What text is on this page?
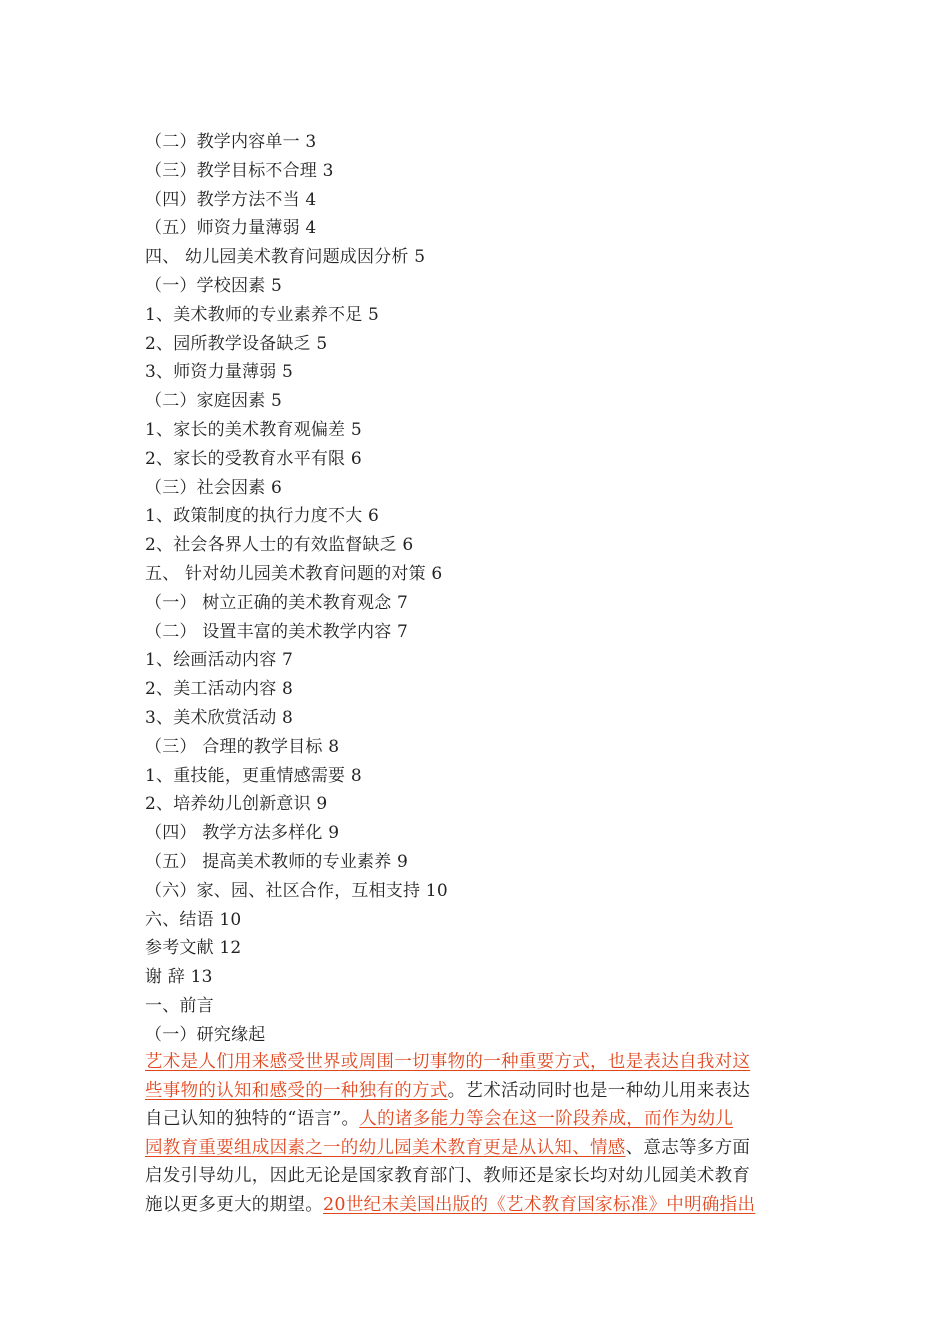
（二）教学内容单一 3
（三）教学目标不合理 3
（四）教学方法不当 4
（五）师资力量薄弱 4
四、 幼儿园美术教育问题成因分析 5
（一）学校因素 5
1、美术教师的专业素养不足 5
2、园所教学设备缺乏 5
3、师资力量薄弱 5
（二）家庭因素 5
1、家长的美术教育观偏差 5
2、家长的受教育水平有限 6
（三）社会因素 6
1、政策制度的执行力度不大 6
2、社会各界人士的有效监督缺乏 6
五、 针对幼儿园美术教育问题的对策 6
（一） 树立正确的美术教育观念 7
（二） 设置丰富的美术教学内容 7
1、绘画活动内容 7
2、美工活动内容 8
3、美术欣赏活动 8
（三） 合理的教学目标 8
1、重技能，更重情感需要 8
2、培养幼儿创新意识 9
（四） 教学方法多样化 9
（五） 提高美术教师的专业素养 9
（六）家、园、社区合作，互相支持 10
六、结语 10
参考文献 12
谢 辞 13
一、前言
（一）研究缘起
艺术是人们用来感受世界或周围一切事物的一种重要方式，也是表达自我对这
些事物的认知和感受的一种独有的方式。艺术活动同时也是一种幼儿用来表达
自己认知的独特的“语言”。人的诸多能力等会在这一阶段养成，而作为幼儿
园教育重要组成因素之一的幼儿园美术教育更是从认知、情感、意志等多方面
启发引导幼儿，因此无论是国家教育部门、教师还是家长均对幼儿园美术教育
施以更多更大的期望。20世纪末美国出版的《艺术教育国家标准》中明确指出
